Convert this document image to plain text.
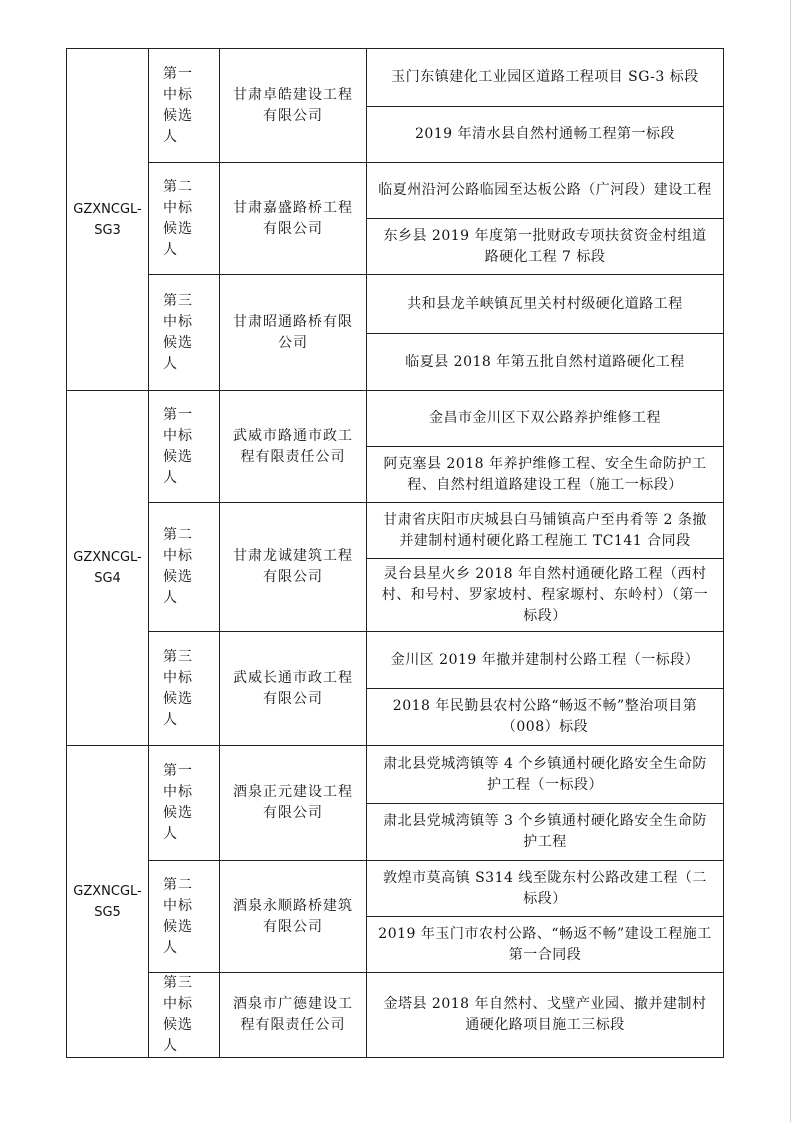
GZXNCGL-SG3	第一中标候选人	甘肃卓皓建设工程有限公司	玉门东镇建化工业园区道路工程项目 SG-3 标段
			2019 年清水县自然村通畅工程第一标段
	第二中标候选人	甘肃嘉盛路桥工程有限公司	临夏州沿河公路临园至达板公路（广河段）建设工程
			东乡县 2019 年度第一批财政专项扶贫资金村组道路硬化工程 7 标段
	第三中标候选人	甘肃昭通路桥有限公司	共和县龙羊峡镇瓦里关村村级硬化道路工程
			临夏县 2018 年第五批自然村道路硬化工程
GZXNCGL-SG4	第一中标候选人	武威市路通市政工程有限责任公司	金昌市金川区下双公路养护维修工程
			阿克塞县 2018 年养护维修工程、安全生命防护工程、自然村组道路建设工程（施工一标段）
	第二中标候选人	甘肃龙诚建筑工程有限公司	甘肃省庆阳市庆城县白马铺镇高户至冉肴等 2 条撤并建制村通村硬化路工程施工 TC141 合同段
			灵台县星火乡 2018 年自然村通硬化路工程（西村村、和号村、罗家坡村、程家塬村、东岭村）（第一标段）
	第三中标候选人	武威长通市政工程有限公司	金川区 2019 年撤并建制村公路工程（一标段）
			2018 年民勤县农村公路“畅返不畅”整治项目第（008）标段
GZXNCGL-SG5	第一中标候选人	酒泉正元建设工程有限公司	肃北县党城湾镇等 4 个乡镇通村硬化路安全生命防护工程（一标段）
			肃北县党城湾镇等 3 个乡镇通村硬化路安全生命防护工程
	第二中标候选人	酒泉永顺路桥建筑有限公司	敦煌市莫高镇 S314 线至陇东村公路改建工程（二标段）
			2019 年玉门市农村公路、“畅返不畅”建设工程施工第一合同段
	第三中标候选人	酒泉市广德建设工程有限责任公司	金塔县 2018 年自然村、戈壁产业园、撤并建制村通硬化路项目施工三标段
